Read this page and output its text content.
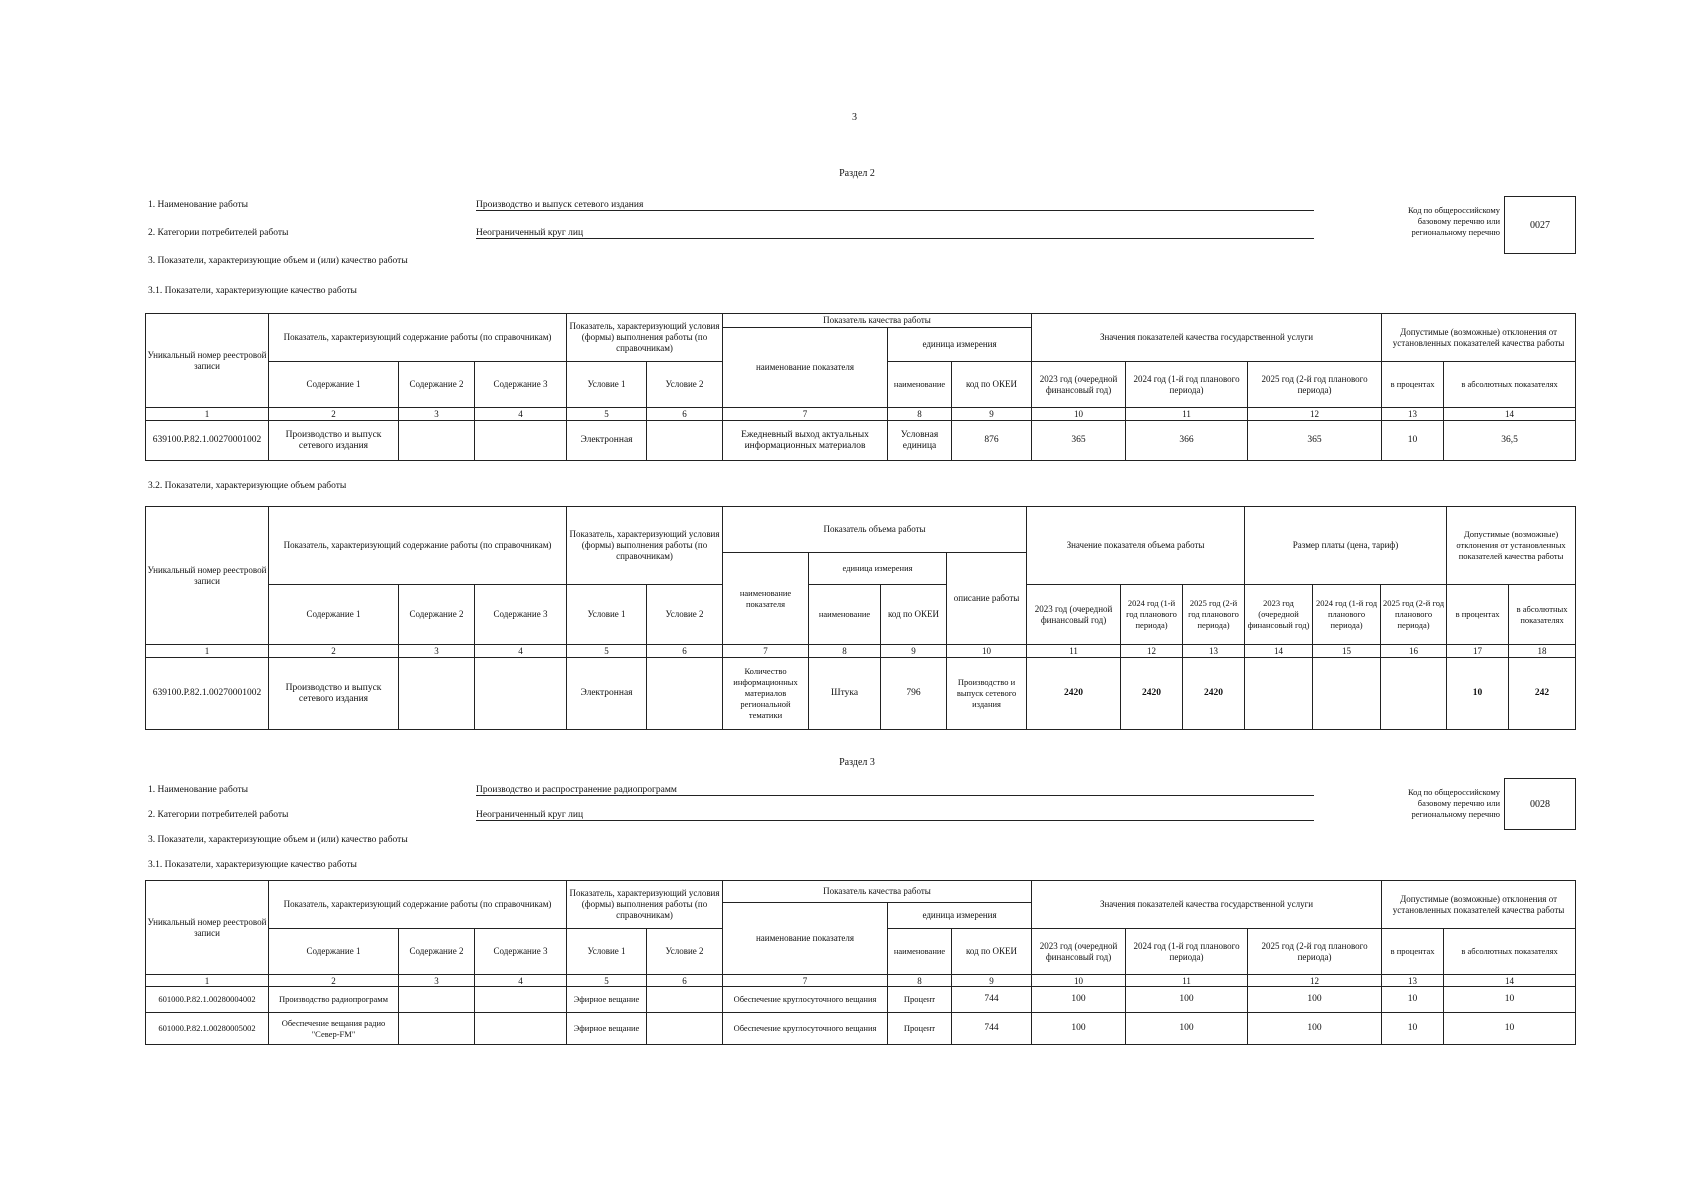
3
Раздел 2
1. Наименование работы	Производство и выпуск сетевого издания
2. Категории потребителей работы	Неограниченный круг лиц
Код по общероссийскому базовому перечню или региональному перечню
0027
3. Показатели, характеризующие объем и (или) качество работы
3.1. Показатели, характеризующие качество работы
Уникальный номер реестровой записи	Показатель, характеризующий содержание работы (по справочникам)			Показатель, характеризующий условия (формы) выполнения работы (по справочникам)		Показатель качества работы			Значения показателей качества государственной услуги			Допустимые (возможные) отклонения от установленных показателей качества работы	
						наименование показателя	единица измерения						
	Содержание 1	Содержание 2	Содержание 3	Условие 1	Условие 2		наименование	код по ОКЕИ	2023 год (очередной финансовый год)	2024 год (1-й год планового периода)	2025 год (2-й год планового периода)	в процентах	в абсолютных показателях
1	2	3	4	5	6	7	8	9	10	11	12	13	14
639100.Р.82.1.00270001002	Производство и выпуск сетевого издания			Электронная		Ежедневный выход актуальных информационных материалов	Условная единица	876	365	366	365	10	36,5
3.2. Показатели, характеризующие объем работы
Уникальный номер реестровой записи	Показатель, характеризующий содержание работы (по справочникам)			Показатель, характеризующий условия (формы) выполнения работы (по справочникам)		Показатель объема работы				Значение показателя объема работы			Размер платы (цена, тариф)			Допустимые (возможные) отклонения от установленных показателей качества работы	
						наименование показателя	единица измерения		описание работы								
	Содержание 1	Содержание 2	Содержание 3	Условие 1	Условие 2		наименование	код по ОКЕИ		2023 год (очередной финансовый год)	2024 год (1-й год планового периода)	2025 год (2-й год планового периода)	2023 год (очередной финансовый год)	2024 год (1-й год планового периода)	2025 год (2-й год планового периода)	в процентах	в абсолютных показателях
1	2	3	4	5	6	7	8	9	10	11	12	13	14	15	16	17	18
639100.Р.82.1.00270001002	Производство и выпуск сетевого издания			Электронная		Количество информационных материалов региональной тематики	Штука	796	Производство и выпуск сетевого издания	2420	2420	2420				10	242
Раздел 3
1. Наименование работы	Производство и распространение радиопрограмм
2. Категории потребителей работы	Неограниченный круг лиц
Код по общероссийскому базовому перечню или региональному перечню
0028
3. Показатели, характеризующие объем и (или) качество работы
3.1. Показатели, характеризующие качество работы
Уникальный номер реестровой записи	Показатель, характеризующий содержание работы (по справочникам)			Показатель, характеризующий условия (формы) выполнения работы (по справочникам)		Показатель качества работы			Значения показателей качества государственной услуги			Допустимые (возможные) отклонения от установленных показателей качества работы	
						наименование показателя	единица измерения						
	Содержание 1	Содержание 2	Содержание 3	Условие 1	Условие 2		наименование	код по ОКЕИ	2023 год (очередной финансовый год)	2024 год (1-й год планового периода)	2025 год (2-й год планового периода)	в процентах	в абсолютных показателях
1	2	3	4	5	6	7	8	9	10	11	12	13	14
601000.Р.82.1.00280004002	Производство радиопрограмм			Эфирное вещание		Обеспечение круглосуточного вещания	Процент	744	100	100	100	10	10
601000.Р.82.1.00280005002	Обеспечение вещания радио "Север-FM"			Эфирное вещание		Обеспечение круглосуточного вещания	Процент	744	100	100	100	10	10
